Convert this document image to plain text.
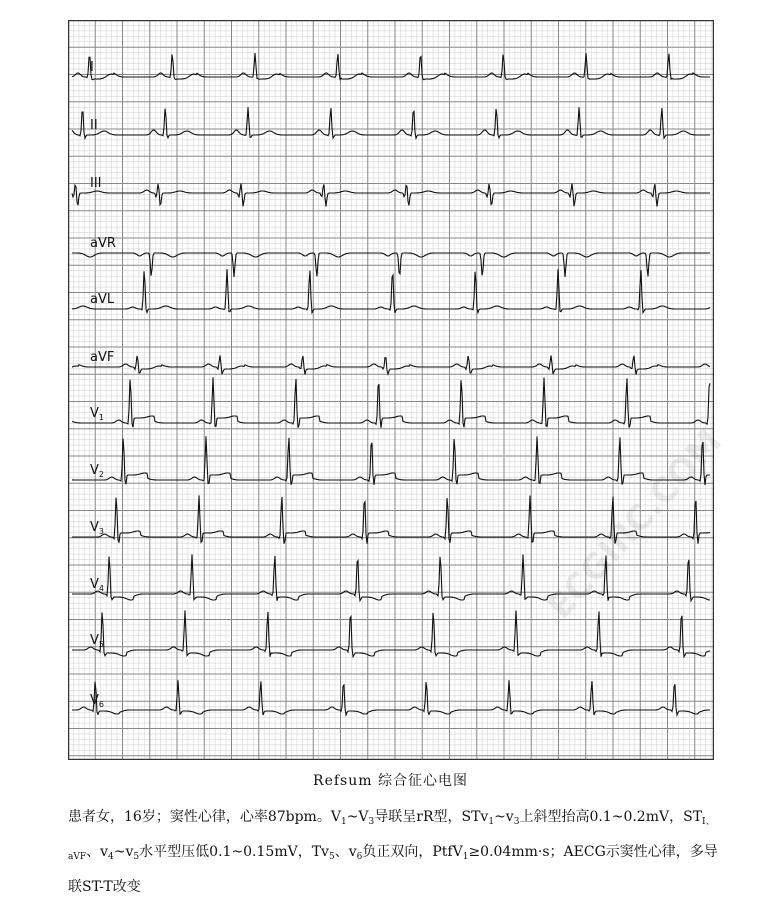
I
II
III
aVR
aVL
aVF
$V_1$
$V_2$
$V_3$
$V_4$
$V_5$
$V_6$
ECGIIIC.COM
Refsum 综合征心电图
患者女，16岁；窦性心律，心率87bpm。$V_1\sim V_3$导联呈rR型，$STv_1\sim v_3$上斜型抬高0.1~0.2mV，$ST_{Ⅰ、aVF}$、$v_4\sim v_5$水平型压低0.1~0.15mV，$Tv_5$、$v_6$负正双向，PtfV$_1$≥0.04mm·s；AECG示窦性心律，多导联ST-T改变
